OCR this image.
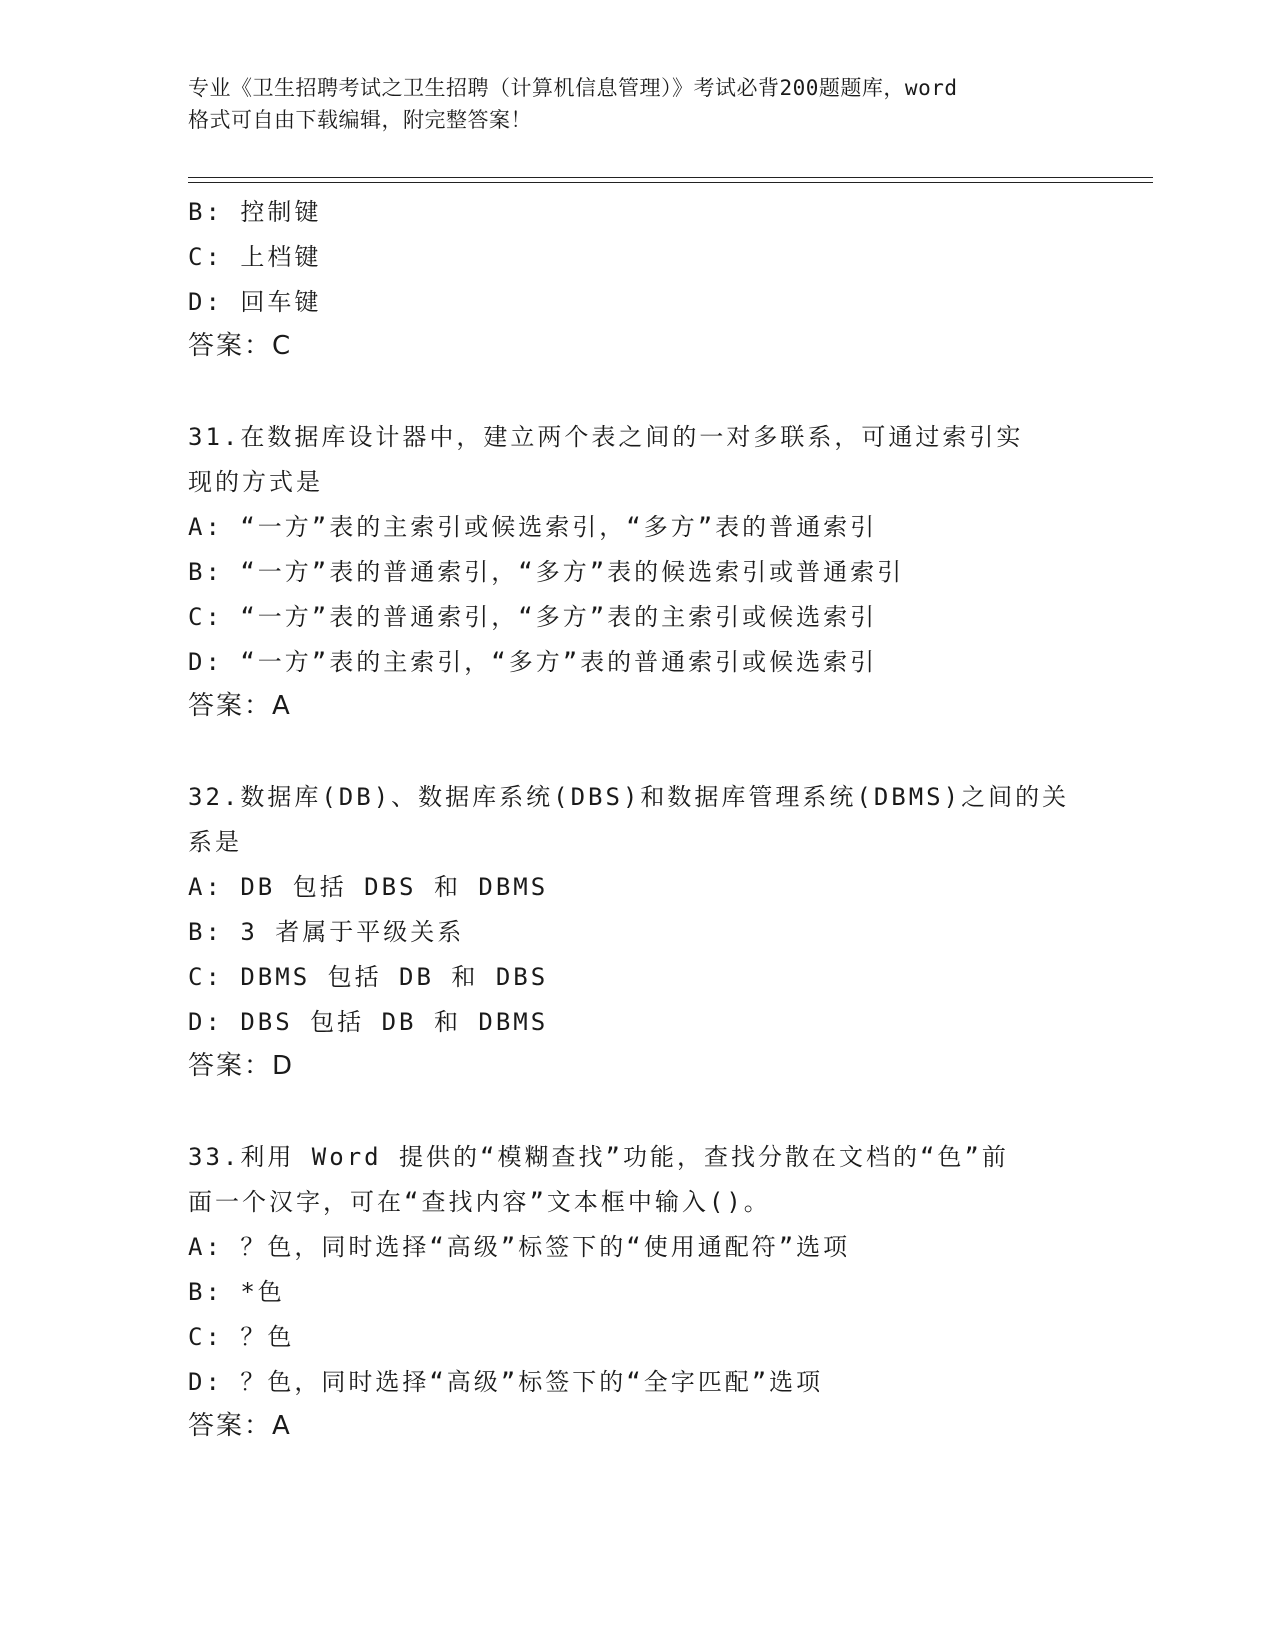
专业《卫生招聘考试之卫生招聘（计算机信息管理）》考试必背200题题库，word
格式可自由下载编辑，附完整答案！
B: 控制键
C: 上档键
D: 回车键
答案：C
31.在数据库设计器中，建立两个表之间的一对多联系，可通过索引实
现的方式是
A: “一方”表的主索引或候选索引，“多方”表的普通索引
B: “一方”表的普通索引，“多方”表的候选索引或普通索引
C: “一方”表的普通索引，“多方”表的主索引或候选索引
D: “一方”表的主索引，“多方”表的普通索引或候选索引
答案：A
32.数据库(DB)、数据库系统(DBS)和数据库管理系统(DBMS)之间的关
系是
A: DB 包括 DBS 和 DBMS
B: 3 者属于平级关系
C: DBMS 包括 DB 和 DBS
D: DBS 包括 DB 和 DBMS
答案：D
33.利用 Word 提供的“模糊查找”功能，查找分散在文档的“色”前
面一个汉字，可在“查找内容”文本框中输入()。
A: ？色，同时选择“高级”标签下的“使用通配符”选项
B: *色
C: ？色
D: ？色，同时选择“高级”标签下的“全字匹配”选项
答案：A
